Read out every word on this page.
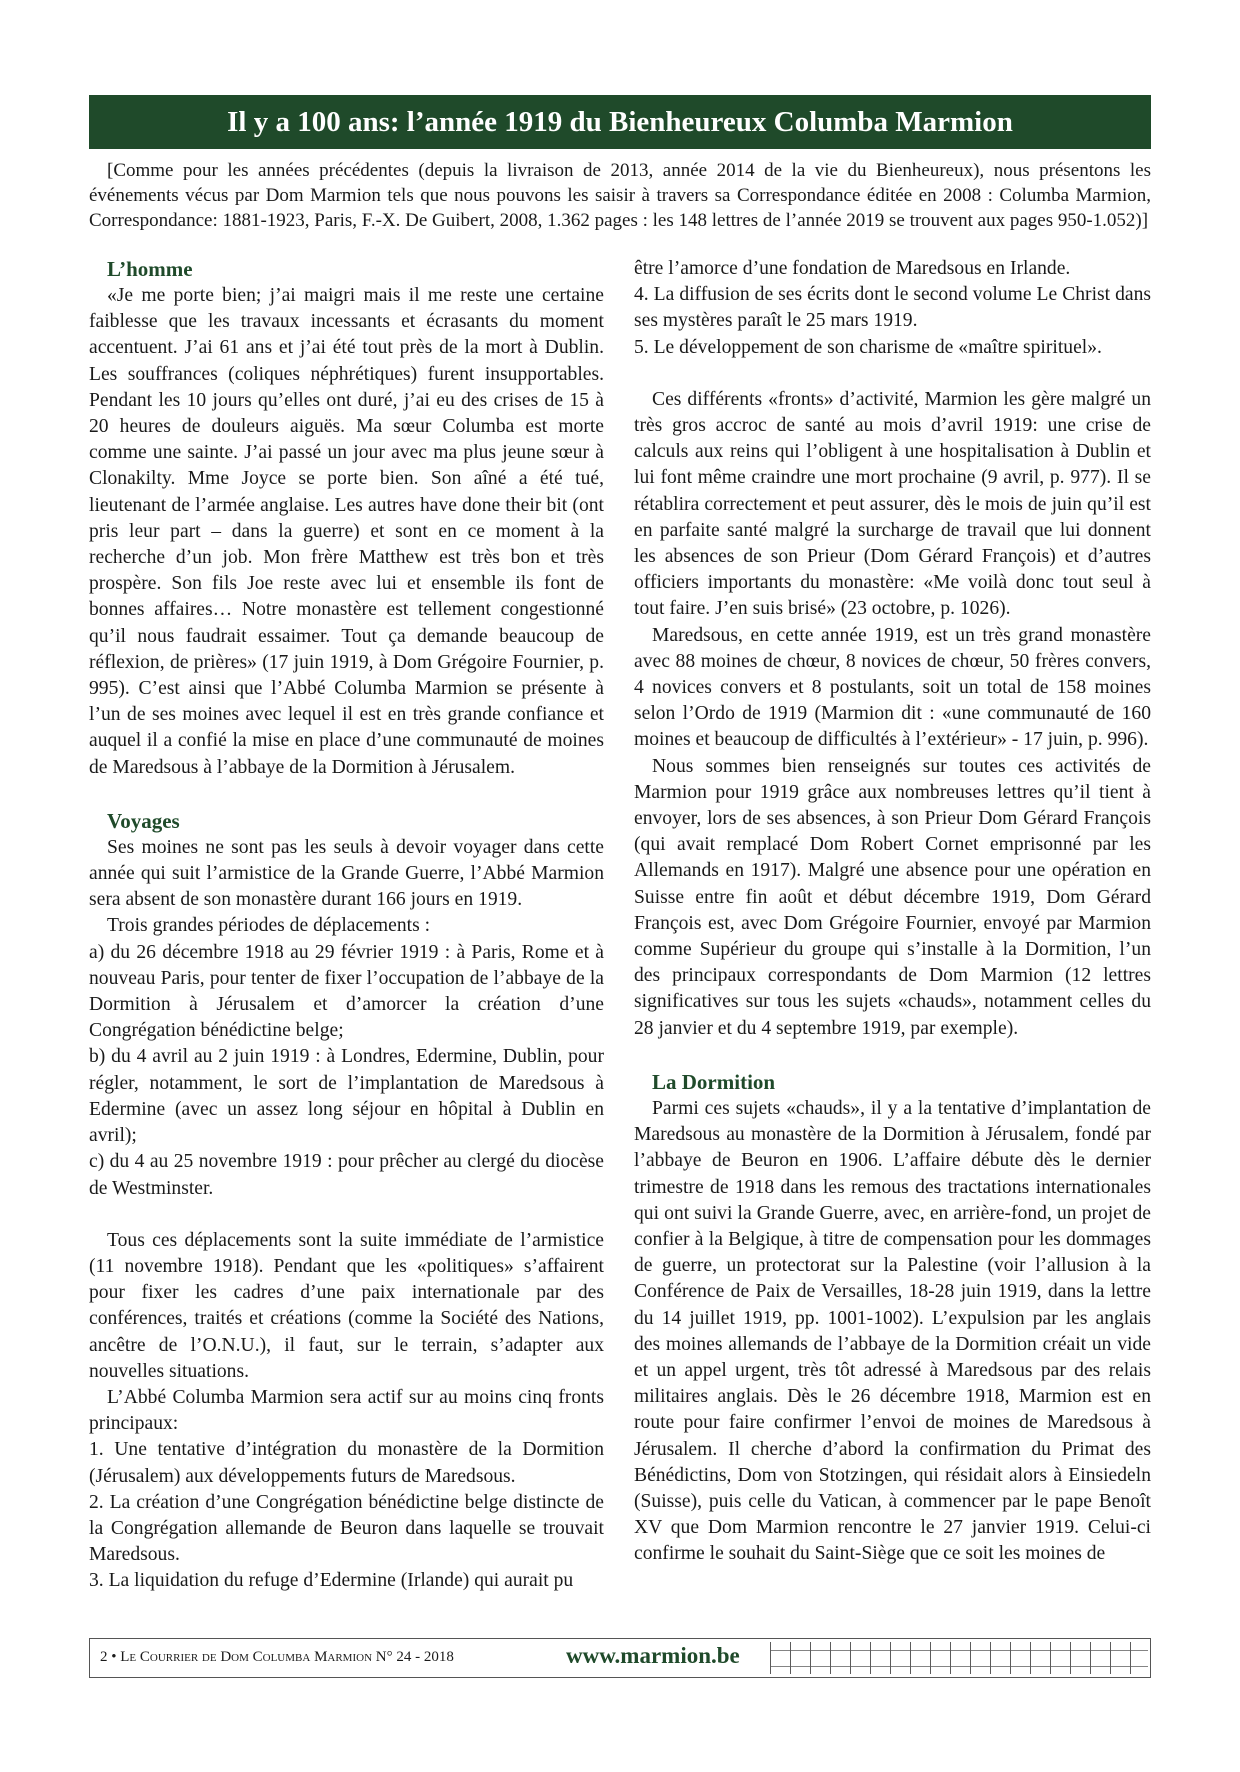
Il y a 100 ans: l’année 1919 du Bienheureux Columba Marmion

[Comme pour les années précédentes (depuis la livraison de 2013, année 2014 de la vie du Bienheureux), nous présentons les événements vécus par Dom Marmion tels que nous pouvons les saisir à travers sa Correspondance éditée en 2008 : Columba Marmion, Correspondance: 1881-1923, Paris, F.-X. De Guibert, 2008, 1.362 pages : les 148 lettres de l’année 2019 se trouvent aux pages 950-1.052)]

L’homme

«Je me porte bien; j’ai maigri mais il me reste une certaine faiblesse que les travaux incessants et écrasants du moment accentuent. J’ai 61 ans et j’ai été tout près de la mort à Dublin. Les souffrances (coliques néphrétiques) furent insupportables. Pendant les 10 jours qu’elles ont duré, j’ai eu des crises de 15 à 20 heures de douleurs aiguës. Ma sœur Columba est morte comme une sainte. J’ai passé un jour avec ma plus jeune sœur à Clonakilty. Mme Joyce se porte bien. Son aîné a été tué, lieutenant de l’armée anglaise. Les autres have done their bit (ont pris leur part – dans la guerre) et sont en ce moment à la recherche d’un job. Mon frère Matthew est très bon et très prospère. Son fils Joe reste avec lui et ensemble ils font de bonnes affaires… Notre monastère est tellement congestionné qu’il nous faudrait essaimer. Tout ça demande beaucoup de réflexion, de prières» (17 juin 1919, à Dom Grégoire Fournier, p. 995). C’est ainsi que l’Abbé Columba Marmion se présente à l’un de ses moines avec lequel il est en très grande confiance et auquel il a confié la mise en place d’une communauté de moines de Maredsous à l’abbaye de la Dormition à Jérusalem.

Voyages

Ses moines ne sont pas les seuls à devoir voyager dans cette année qui suit l’armistice de la Grande Guerre, l’Abbé Marmion sera absent de son monastère durant 166 jours en 1919.

Trois grandes périodes de déplacements :

a) du 26 décembre 1918 au 29 février 1919 : à Paris, Rome et à nouveau Paris, pour tenter de fixer l’occupation de l’abbaye de la Dormition à Jérusalem et d’amorcer la création d’une Congrégation bénédictine belge;

b) du 4 avril au 2 juin 1919 : à Londres, Edermine, Dublin, pour régler, notamment, le sort de l’implantation de Maredsous à Edermine (avec un assez long séjour en hôpital à Dublin en avril);

c) du 4 au 25 novembre 1919 : pour prêcher au clergé du diocèse de Westminster.

Tous ces déplacements sont la suite immédiate de l’armistice (11 novembre 1918). Pendant que les «politiques» s’affairent pour fixer les cadres d’une paix internationale par des conférences, traités et créations (comme la Société des Nations, ancêtre de l’O.N.U.), il faut, sur le terrain, s’adapter aux nouvelles situations.

L’Abbé Columba Marmion sera actif sur au moins cinq fronts principaux:

1. Une tentative d’intégration du monastère de la Dormition (Jérusalem) aux développements futurs de Maredsous.

2. La création d’une Congrégation bénédictine belge distincte de la Congrégation allemande de Beuron dans laquelle se trouvait Maredsous.

3. La liquidation du refuge d’Edermine (Irlande) qui aurait pu

être l’amorce d’une fondation de Maredsous en Irlande.

4. La diffusion de ses écrits dont le second volume Le Christ dans ses mystères paraît le 25 mars 1919.

5. Le développement de son charisme de «maître spirituel».

Ces différents «fronts» d’activité, Marmion les gère malgré un très gros accroc de santé au mois d’avril 1919: une crise de calculs aux reins qui l’obligent à une hospitalisation à Dublin et lui font même craindre une mort prochaine (9 avril, p. 977). Il se rétablira correctement et peut assurer, dès le mois de juin qu’il est en parfaite santé malgré la surcharge de travail que lui donnent les absences de son Prieur (Dom Gérard François) et d’autres officiers importants du monastère: «Me voilà donc tout seul à tout faire. J’en suis brisé» (23 octobre, p. 1026).

Maredsous, en cette année 1919, est un très grand monastère avec 88 moines de chœur, 8 novices de chœur, 50 frères convers, 4 novices convers et 8 postulants, soit un total de 158 moines selon l’Ordo de 1919 (Marmion dit : «une communauté de 160 moines et beaucoup de difficultés à l’extérieur» - 17 juin, p. 996).

Nous sommes bien renseignés sur toutes ces activités de Marmion pour 1919 grâce aux nombreuses lettres qu’il tient à envoyer, lors de ses absences, à son Prieur Dom Gérard François (qui avait remplacé Dom Robert Cornet emprisonné par les Allemands en 1917). Malgré une absence pour une opération en Suisse entre fin août et début décembre 1919, Dom Gérard François est, avec Dom Grégoire Fournier, envoyé par Marmion comme Supérieur du groupe qui s’installe à la Dormition, l’un des principaux correspondants de Dom Marmion (12 lettres significatives sur tous les sujets «chauds», notamment celles du 28 janvier et du 4 septembre 1919, par exemple).

La Dormition

Parmi ces sujets «chauds», il y a la tentative d’implantation de Maredsous au monastère de la Dormition à Jérusalem, fondé par l’abbaye de Beuron en 1906. L’affaire débute dès le dernier trimestre de 1918 dans les remous des tractations internationales qui ont suivi la Grande Guerre, avec, en arrière-fond, un projet de confier à la Belgique, à titre de compensation pour les dommages de guerre, un protectorat sur la Palestine (voir l’allusion à la Conférence de Paix de Versailles, 18-28 juin 1919, dans la lettre du 14 juillet 1919, pp. 1001-1002). L’expulsion par les anglais des moines allemands de l’abbaye de la Dormition créait un vide et un appel urgent, très tôt adressé à Maredsous par des relais militaires anglais. Dès le 26 décembre 1918, Marmion est en route pour faire confirmer l’envoi de moines de Maredsous à Jérusalem. Il cherche d’abord la confirmation du Primat des Bénédictins, Dom von Stotzingen, qui résidait alors à Einsiedeln (Suisse), puis celle du Vatican, à commencer par le pape Benoît XV que Dom Marmion rencontre le 27 janvier 1919. Celui-ci confirme le souhait du Saint-Siège que ce soit les moines de

2 • Le Courrier de Dom Columba Marmion N° 24 - 2018	www.marmion.be
